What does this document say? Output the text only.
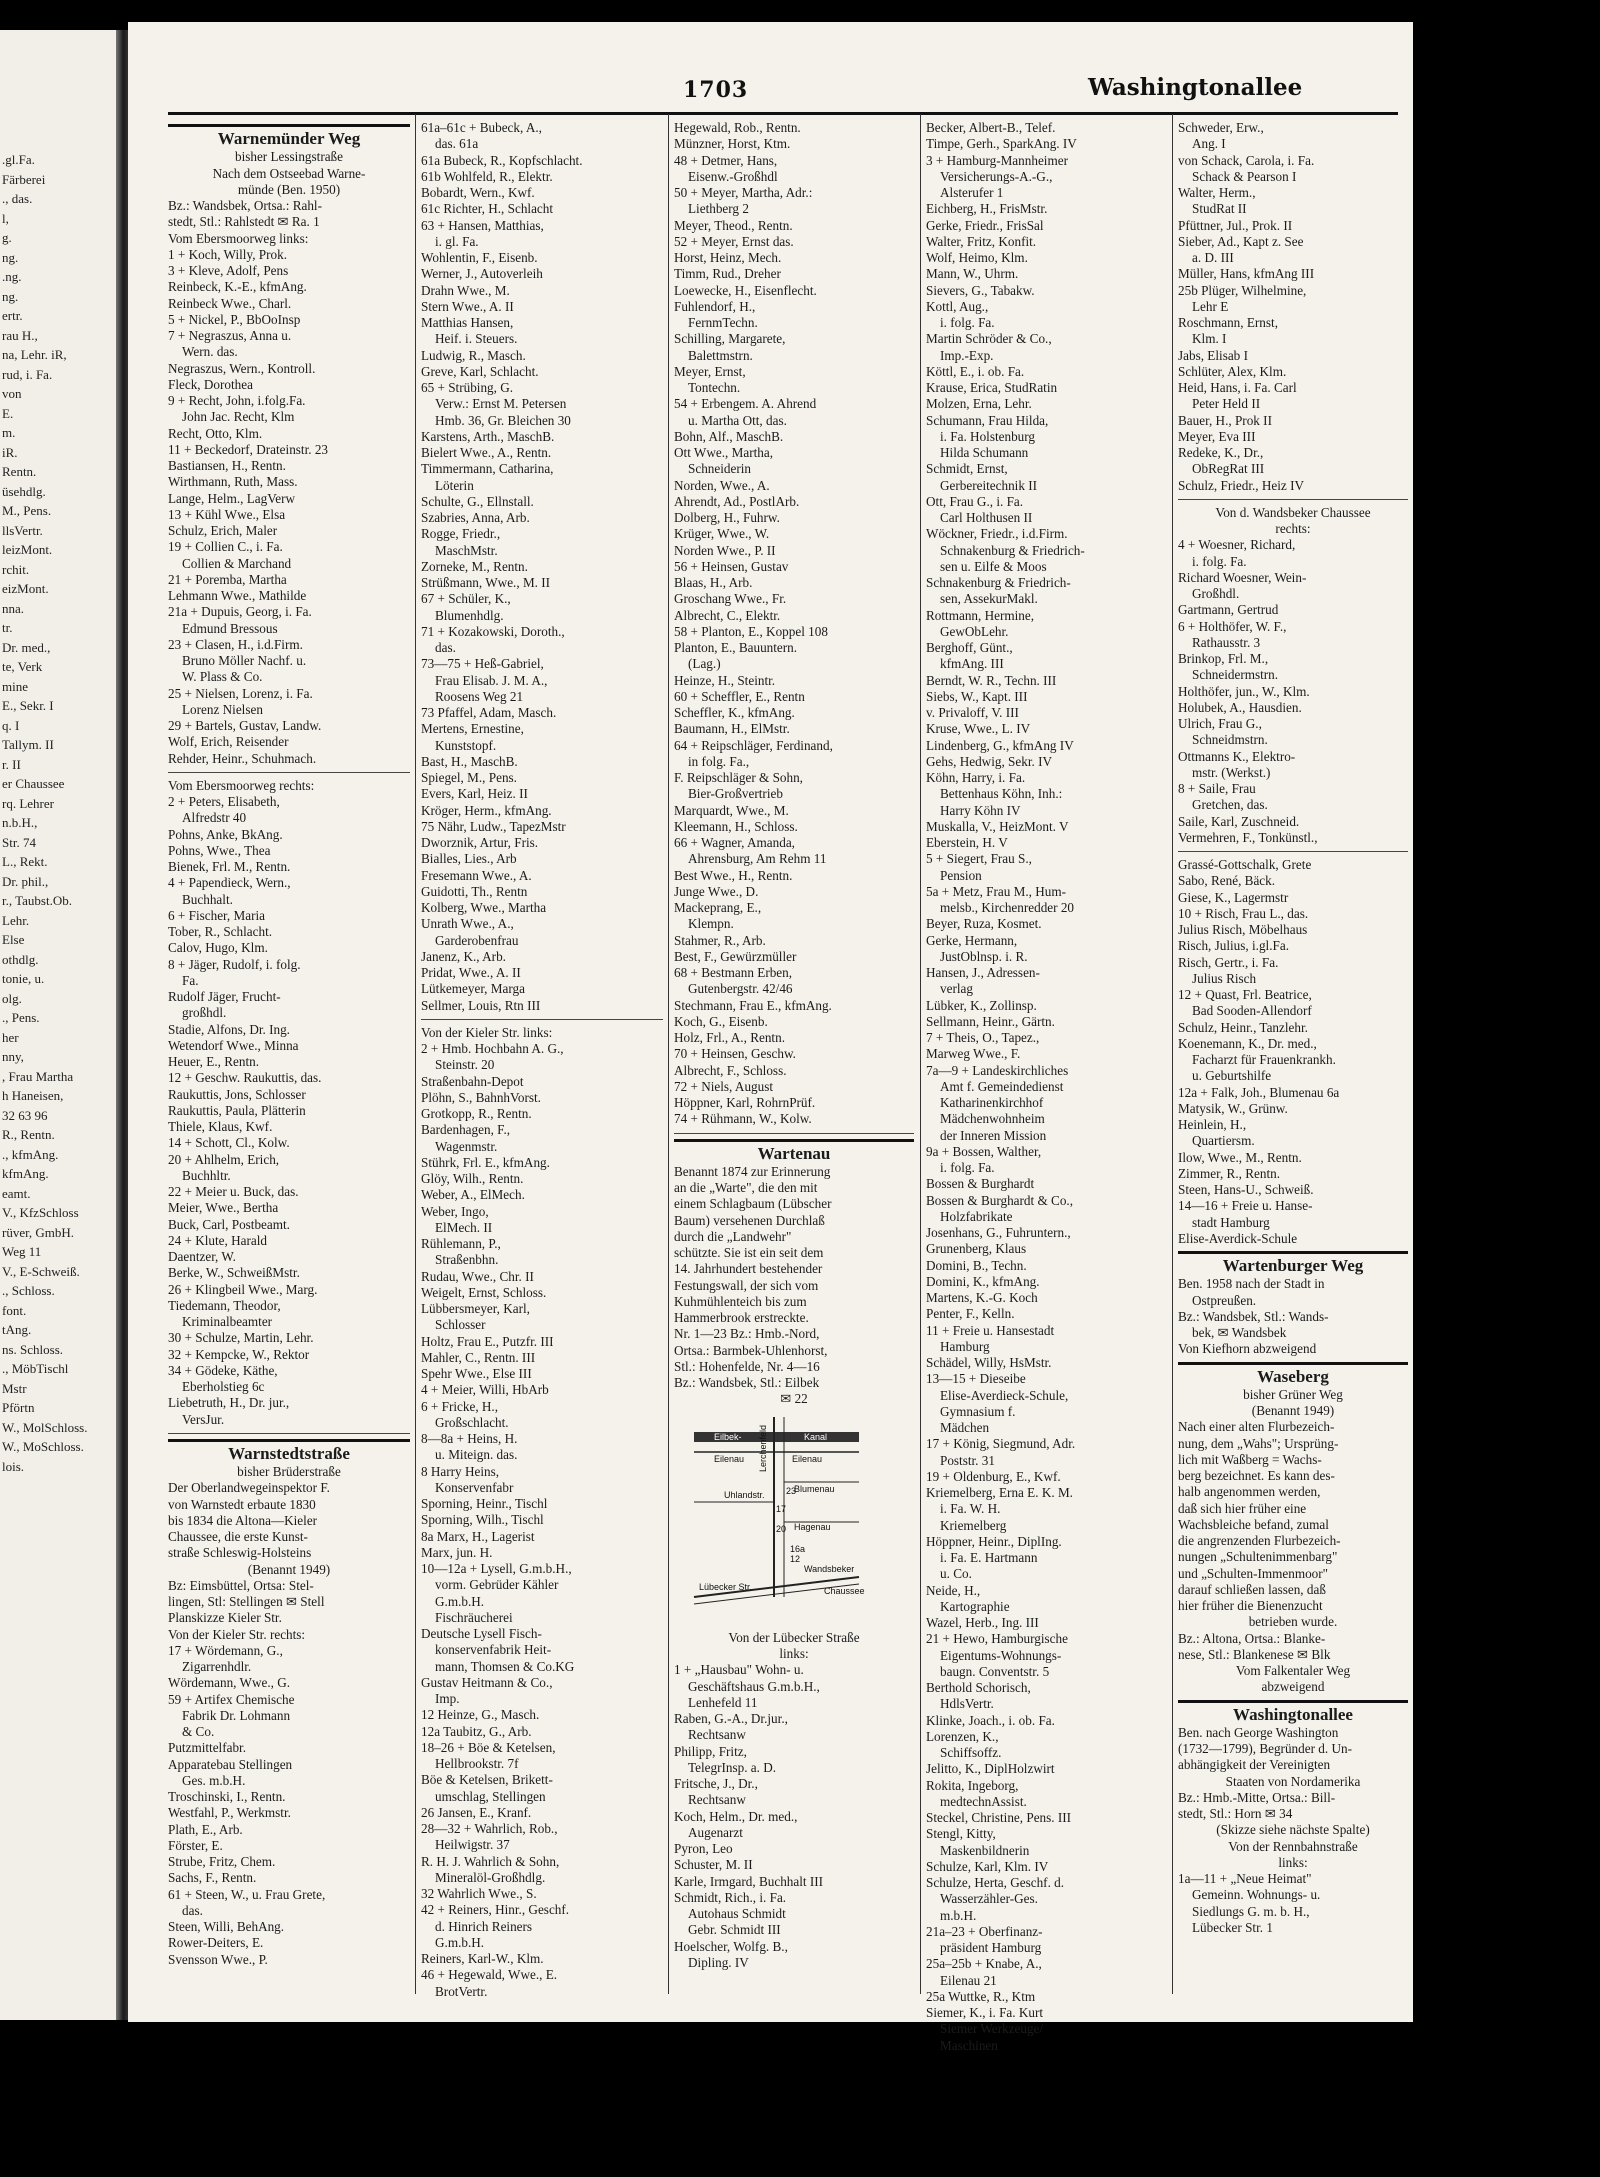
.gl.Fa.
Färberei
., das.
l,
g.
ng.
.ng.
ng.
ertr.
rau H.,
na, Lehr. iR,
rud, i. Fa.
von
E.
m.
iR.
Rentn.
üsehdlg.
M., Pens.
llsVertr.
leizMont.
rchit.
eizMont.
nna.
tr.
Dr. med.,
te, Verk
mine
E., Sekr. I
q. I
Tallym. II
r. II
er Chaussee
rq. Lehrer
n.b.H.,
Str. 74
L., Rekt.
Dr. phil.,
r., Taubst.Ob.
Lehr.
Else
othdlg.
tonie, u.
olg.
., Pens.
her
nny,
, Frau Martha
h Haneisen,
32 63 96
R., Rentn.
., kfmAng.
kfmAng.
eamt.
V., KfzSchloss
rüver, GmbH.
Weg 11
V., E-Schweiß.
., Schloss.
font.
tAng.
ns. Schloss.
., MöbTischl
Mstr
Pförtn
W., MolSchloss.
W., MoSchloss.
lois.
1703	Washingtonallee
Warnemünder Weg
bisher Lessingstraße
Nach dem Ostseebad Warne-
münde (Ben. 1950)
Bz.: Wandsbek, Ortsa.: Rahl-
stedt, Stl.: Rahlstedt ✉ Ra. 1
Vom Ebersmoorweg links:
1 + Koch, Willy, Prok.
3 + Kleve, Adolf, Pens
Reinbeck, K.-E., kfmAng.
Reinbeck Wwe., Charl.
5 + Nickel, P., BbOoInsp
7 + Negraszus, Anna u.
Wern. das.
Negraszus, Wern., Kontroll.
Fleck, Dorothea
9 + Recht, John, i.folg.Fa.
John Jac. Recht, Klm
Recht, Otto, Klm.
11 + Beckedorf, Drateinstr. 23
Bastiansen, H., Rentn.
Wirthmann, Ruth, Mass.
Lange, Helm., LagVerw
13 + Kühl Wwe., Elsa
Schulz, Erich, Maler
19 + Collien C., i. Fa.
Collien & Marchand
21 + Poremba, Martha
Lehmann Wwe., Mathilde
21a + Dupuis, Georg, i. Fa.
Edmund Bressous
23 + Clasen, H., i.d.Firm.
Bruno Möller Nachf. u.
W. Plass & Co.
25 + Nielsen, Lorenz, i. Fa.
Lorenz Nielsen
29 + Bartels, Gustav, Landw.
Wolf, Erich, Reisender
Rehder, Heinr., Schuhmach.
Vom Ebersmoorweg rechts:
2 + Peters, Elisabeth,
Alfredstr 40
Pohns, Anke, BkAng.
Pohns, Wwe., Thea
Bienek, Frl. M., Rentn.
4 + Papendieck, Wern.,
Buchhalt.
6 + Fischer, Maria
Tober, R., Schlacht.
Calov, Hugo, Klm.
8 + Jäger, Rudolf, i. folg.
Fa.
Rudolf Jäger, Frucht-
großhdl.
Stadie, Alfons, Dr. Ing.
Wetendorf Wwe., Minna
Heuer, E., Rentn.
12 + Geschw. Raukuttis, das.
Raukuttis, Jons, Schlosser
Raukuttis, Paula, Plätterin
Thiele, Klaus, Kwf.
14 + Schott, Cl., Kolw.
20 + Ahlhelm, Erich,
Buchhltr.
22 + Meier u. Buck, das.
Meier, Wwe., Bertha
Buck, Carl, Postbeamt.
24 + Klute, Harald
Daentzer, W.
Berke, W., SchweißMstr.
26 + Klingbeil Wwe., Marg.
Tiedemann, Theodor,
Kriminalbeamter
30 + Schulze, Martin, Lehr.
32 + Kempcke, W., Rektor
34 + Gödeke, Käthe,
Eberholstieg 6c
Liebetruth, H., Dr. jur.,
VersJur.
Warnstedtstraße
bisher Brüderstraße
Der Oberlandwegeinspektor F.
von Warnstedt erbaute 1830
bis 1834 die Altona—Kieler
Chaussee, die erste Kunst-
straße Schleswig-Holsteins
(Benannt 1949)
Bz: Eimsbüttel, Ortsa: Stel-
lingen, Stl: Stellingen ✉ Stell
Planskizze Kieler Str.
Von der Kieler Str. rechts:
17 + Wördemann, G.,
Zigarrenhdlr.
Wördemann, Wwe., G.
59 + Artifex Chemische
Fabrik Dr. Lohmann
& Co.
Putzmittelfabr.
Apparatebau Stellingen
Ges. m.b.H.
Troschinski, I., Rentn.
Westfahl, P., Werkmstr.
Plath, E., Arb.
Förster, E.
Strube, Fritz, Chem.
Sachs, F., Rentn.
61 + Steen, W., u. Frau Grete,
das.
Steen, Willi, BehAng.
Rower-Deiters, E.
Svensson Wwe., P.
61a–61c + Bubeck, A.,
das. 61a
61a Bubeck, R., Kopfschlacht.
61b Wohlfeld, R., Elektr.
Bobardt, Wern., Kwf.
61c Richter, H., Schlacht
63 + Hansen, Matthias,
i. gl. Fa.
Wohlentin, F., Eisenb.
Werner, J., Autoverleih
Drahn Wwe., M.
Stern Wwe., A. II
Matthias Hansen,
Heif. i. Steuers.
Ludwig, R., Masch.
Greve, Karl, Schlacht.
65 + Strübing, G.
Verw.: Ernst M. Petersen
Hmb. 36, Gr. Bleichen 30
Karstens, Arth., MaschB.
Bielert Wwe., A., Rentn.
Timmermann, Catharina,
Löterin
Schulte, G., Ellnstall.
Szabries, Anna, Arb.
Rogge, Friedr.,
MaschMstr.
Zorneke, M., Rentn.
Strüßmann, Wwe., M. II
67 + Schüler, K.,
Blumenhdlg.
71 + Kozakowski, Doroth.,
das.
73—75 + Heß-Gabriel,
Frau Elisab. J. M. A.,
Roosens Weg 21
73 Pfaffel, Adam, Masch.
Mertens, Ernestine,
Kunststopf.
Bast, H., MaschB.
Spiegel, M., Pens.
Evers, Karl, Heiz. II
Kröger, Herm., kfmAng.
75 Nähr, Ludw., TapezMstr
Dworznik, Artur, Fris.
Bialles, Lies., Arb
Fresemann Wwe., A.
Guidotti, Th., Rentn
Kolberg, Wwe., Martha
Unrath Wwe., A.,
Garderobenfrau
Janenz, K., Arb.
Pridat, Wwe., A. II
Lütkemeyer, Marga
Sellmer, Louis, Rtn III
Von der Kieler Str. links:
2 + Hmb. Hochbahn A. G.,
Steinstr. 20
Straßenbahn-Depot
Plöhn, S., BahnhVorst.
Grotkopp, R., Rentn.
Bardenhagen, F.,
Wagenmstr.
Stührk, Frl. E., kfmAng.
Glöy, Wilh., Rentn.
Weber, A., ElMech.
Weber, Ingo,
ElMech. II
Rühlemann, P.,
Straßenbhn.
Rudau, Wwe., Chr. II
Weigelt, Ernst, Schloss.
Lübbersmeyer, Karl,
Schlosser
Holtz, Frau E., Putzfr. III
Mahler, C., Rentn. III
Spehr Wwe., Else III
4 + Meier, Willi, HbArb
6 + Fricke, H.,
Großschlacht.
8—8a + Heins, H.
u. Miteign. das.
8 Harry Heins,
Konservenfabr
Sporning, Heinr., Tischl
Sporning, Wilh., Tischl
8a Marx, H., Lagerist
Marx, jun. H.
10—12a + Lysell, G.m.b.H.,
vorm. Gebrüder Kähler
G.m.b.H.
Fischräucherei
Deutsche Lysell Fisch-
konservenfabrik Heit-
mann, Thomsen & Co.KG
Gustav Heitmann & Co.,
Imp.
12 Heinze, G., Masch.
12a Taubitz, G., Arb.
18–26 + Böe & Ketelsen,
Hellbrookstr. 7f
Böe & Ketelsen, Brikett-
umschlag, Stellingen
26 Jansen, E., Kranf.
28—32 + Wahrlich, Rob.,
Heilwigstr. 37
R. H. J. Wahrlich & Sohn,
Mineralöl-Großhdlg.
32 Wahrlich Wwe., S.
42 + Reiners, Hinr., Geschf.
d. Hinrich Reiners
G.m.b.H.
Reiners, Karl-W., Klm.
46 + Hegewald, Wwe., E.
BrotVertr.
Hegewald, Rob., Rentn.
Münzner, Horst, Ktm.
48 + Detmer, Hans,
Eisenw.-Großhdl
50 + Meyer, Martha, Adr.:
Liethberg 2
Meyer, Theod., Rentn.
52 + Meyer, Ernst das.
Horst, Heinz, Mech.
Timm, Rud., Dreher
Loewecke, H., Eisenflecht.
Fuhlendorf, H.,
FernmTechn.
Schilling, Margarete,
Balettmstrn.
Meyer, Ernst,
Tontechn.
54 + Erbengem. A. Ahrend
u. Martha Ott, das.
Bohn, Alf., MaschB.
Ott Wwe., Martha,
Schneiderin
Norden, Wwe., A.
Ahrendt, Ad., PostlArb.
Dolberg, H., Fuhrw.
Krüger, Wwe., W.
Norden Wwe., P. II
56 + Heinsen, Gustav
Blaas, H., Arb.
Groschang Wwe., Fr.
Albrecht, C., Elektr.
58 + Planton, E., Koppel 108
Planton, E., Bauuntern.
(Lag.)
Heinze, H., Steintr.
60 + Scheffler, E., Rentn
Scheffler, K., kfmAng.
Baumann, H., ElMstr.
64 + Reipschläger, Ferdinand,
in folg. Fa.,
F. Reipschläger & Sohn,
Bier-Großvertrieb
Marquardt, Wwe., M.
Kleemann, H., Schloss.
66 + Wagner, Amanda,
Ahrensburg, Am Rehm 11
Best Wwe., H., Rentn.
Junge Wwe., D.
Mackeprang, E.,
Klempn.
Stahmer, R., Arb.
Best, F., Gewürzmüller
68 + Bestmann Erben,
Gutenbergstr. 42/46
Stechmann, Frau E., kfmAng.
Koch, G., Eisenb.
Holz, Frl., A., Rentn.
70 + Heinsen, Geschw.
Albrecht, F., Schloss.
72 + Niels, August
Höppner, Karl, RohrnPrüf.
74 + Rühmann, W., Kolw.
Wartenau
Benannt 1874 zur Erinnerung
an die „Warte", die den mit
einem Schlagbaum (Lübscher
Baum) versehenen Durchlaß
durch die „Landwehr"
schützte. Sie ist ein seit dem
14. Jahrhundert bestehender
Festungswall, der sich vom
Kuhmühlenteich bis zum
Hammerbrook erstreckte.
Nr. 1—23 Bz.: Hmb.-Nord,
Ortsa.: Barmbek-Uhlenhorst,
Stl.: Hohenfelde, Nr. 4—16
Bz.: Wandsbek, Stl.: Eilbek
✉ 22
Eilbek-	Kanal
Lerchenfeld
Eilenau	Eilenau
23
Uhlandstr.
17
Blumenau
20 Hagenau
16a
12
Wandsbeker
Lübecker Str.	Chaussee
Von der Lübecker Straße
links:
1 + „Hausbau" Wohn- u.
Geschäftshaus G.m.b.H.,
Lenhefeld 11
Raben, G.-A., Dr.jur.,
Rechtsanw
Philipp, Fritz,
TelegrInsp. a. D.
Fritsche, J., Dr.,
Rechtsanw
Koch, Helm., Dr. med.,
Augenarzt
Pyron, Leo
Schuster, M. II
Karle, Irmgard, Buchhalt III
Schmidt, Rich., i. Fa.
Autohaus Schmidt
Gebr. Schmidt III
Hoelscher, Wolfg. B.,
Dipling. IV
Becker, Albert-B., Telef.
Timpe, Gerh., SparkAng. IV
3 + Hamburg-Mannheimer
Versicherungs-A.-G.,
Alsterufer 1
Eichberg, H., FrisMstr.
Gerke, Friedr., FrisSal
Walter, Fritz, Konfit.
Wolf, Heimo, Klm.
Mann, W., Uhrm.
Sievers, G., Tabakw.
Kottl, Aug.,
i. folg. Fa.
Martin Schröder & Co.,
Imp.-Exp.
Köttl, E., i. ob. Fa.
Krause, Erica, StudRatin
Molzen, Erna, Lehr.
Schumann, Frau Hilda,
i. Fa. Holstenburg
Hilda Schumann
Schmidt, Ernst,
Gerbereitechnik II
Ott, Frau G., i. Fa.
Carl Holthusen II
Wöckner, Friedr., i.d.Firm.
Schnakenburg & Friedrich-
sen u. Eilfe & Moos
Schnakenburg & Friedrich-
sen, AssekurMakl.
Rottmann, Hermine,
GewObLehr.
Berghoff, Günt.,
kfmAng. III
Berndt, W. R., Techn. III
Siebs, W., Kapt. III
v. Privaloff, V. III
Kruse, Wwe., L. IV
Lindenberg, G., kfmAng IV
Gehs, Hedwig, Sekr. IV
Köhn, Harry, i. Fa.
Bettenhaus Köhn, Inh.:
Harry Köhn IV
Muskalla, V., HeizMont. V
Eberstein, H. V
5 + Siegert, Frau S.,
Pension
5a + Metz, Frau M., Hum-
melsb., Kirchenredder 20
Beyer, Ruza, Kosmet.
Gerke, Hermann,
JustOblnsp. i. R.
Hansen, J., Adressen-
verlag
Lübker, K., Zollinsp.
Sellmann, Heinr., Gärtn.
7 + Theis, O., Tapez.,
Marweg Wwe., F.
7a—9 + Landeskirchliches
Amt f. Gemeindedienst
Katharinenkirchhof
Mädchenwohnheim
der Inneren Mission
9a + Bossen, Walther,
i. folg. Fa.
Bossen & Burghardt
Bossen & Burghardt & Co.,
Holzfabrikate
Josenhans, G., Fuhruntern.,
Grunenberg, Klaus
Domini, B., Techn.
Domini, K., kfmAng.
Martens, K.-G. Koch
Penter, F., Kelln.
11 + Freie u. Hansestadt
Hamburg
Schädel, Willy, HsMstr.
13—15 + Dieseibe
Elise-Averdieck-Schule,
Gymnasium f.
Mädchen
17 + König, Siegmund, Adr.
Poststr. 31
19 + Oldenburg, E., Kwf.
Kriemelberg, Erna E. K. M.
i. Fa. W. H.
Kriemelberg
Höppner, Heinr., DiplIng.
i. Fa. E. Hartmann
u. Co.
Neide, H.,
Kartographie
Wazel, Herb., Ing. III
21 + Hewo, Hamburgische
Eigentums-Wohnungs-
baugn. Conventstr. 5
Berthold Schorisch,
HdlsVertr.
Klinke, Joach., i. ob. Fa.
Lorenzen, K.,
Schiffsoffz.
Jelitto, K., DiplHolzwirt
Rokita, Ingeborg,
medtechnAssist.
Steckel, Christine, Pens. III
Stengl, Kitty,
Maskenbildnerin
Schulze, Karl, Klm. IV
Schulze, Herta, Geschf. d.
Wasserzähler-Ges.
m.b.H.
21a–23 + Oberfinanz-
präsident Hamburg
25a–25b + Knabe, A.,
Eilenau 21
25a Wuttke, R., Ktm
Siemer, K., i. Fa. Kurt
Siemer Werkzeuge/
Maschinen
Schweder, Erw.,
Ang. I
von Schack, Carola, i. Fa.
Schack & Pearson I
Walter, Herm.,
StudRat II
Pfüttner, Jul., Prok. II
Sieber, Ad., Kapt z. See
a. D. III
Müller, Hans, kfmAng III
25b Plüger, Wilhelmine,
Lehr E
Roschmann, Ernst,
Klm. I
Jabs, Elisab I
Schlüter, Alex, Klm.
Heid, Hans, i. Fa. Carl
Peter Held II
Bauer, H., Prok II
Meyer, Eva III
Redeke, K., Dr.,
ObRegRat III
Schulz, Friedr., Heiz IV
Von d. Wandsbeker Chaussee
rechts:
4 + Woesner, Richard,
i. folg. Fa.
Richard Woesner, Wein-
Großhdl.
Gartmann, Gertrud
6 + Holthöfer, W. F.,
Rathausstr. 3
Brinkop, Frl. M.,
Schneidermstrn.
Holthöfer, jun., W., Klm.
Holubek, A., Hausdien.
Ulrich, Frau G.,
Schneidmstrn.
Ottmanns K., Elektro-
mstr. (Werkst.)
8 + Saile, Frau
Gretchen, das.
Saile, Karl, Zuschneid.
Vermehren, F., Tonkünstl.,
Grassé-Gottschalk, Grete
Sabo, René, Bäck.
Giese, K., Lagermstr
10 + Risch, Frau L., das.
Julius Risch, Möbelhaus
Risch, Julius, i.gl.Fa.
Risch, Gertr., i. Fa.
Julius Risch
12 + Quast, Frl. Beatrice,
Bad Sooden-Allendorf
Schulz, Heinr., Tanzlehr.
Koenemann, K., Dr. med.,
Facharzt für Frauenkrankh.
u. Geburtshilfe
12a + Falk, Joh., Blumenau 6a
Matysik, W., Grünw.
Heinlein, H.,
Quartiersm.
Ilow, Wwe., M., Rentn.
Zimmer, R., Rentn.
Steen, Hans-U., Schweiß.
14—16 + Freie u. Hanse-
stadt Hamburg
Elise-Averdick-Schule
Wartenburger Weg
Ben. 1958 nach der Stadt in
Ostpreußen.
Bz.: Wandsbek, Stl.: Wands-
bek, ✉ Wandsbek
Von Kiefhorn abzweigend
Waseberg
bisher Grüner Weg
(Benannt 1949)
Nach einer alten Flurbezeich-
nung, dem „Wahs"; Ursprüng-
lich mit Waßberg = Wachs-
berg bezeichnet. Es kann des-
halb angenommen werden,
daß sich hier früher eine
Wachsbleiche befand, zumal
die angrenzenden Flurbezeich-
nungen „Schultenimmenbarg"
und „Schulten-Immenmoor"
darauf schließen lassen, daß
hier früher die Bienenzucht
betrieben wurde.
Bz.: Altona, Ortsa.: Blanke-
nese, Stl.: Blankenese ✉ Blk
Vom Falkentaler Weg
abzweigend
Washingtonallee
Ben. nach George Washington
(1732—1799), Begründer d. Un-
abhängigkeit der Vereinigten
Staaten von Nordamerika
Bz.: Hmb.-Mitte, Ortsa.: Bill-
stedt, Stl.: Horn ✉ 34
(Skizze siehe nächste Spalte)
Von der Rennbahnstraße
links:
1a—11 + „Neue Heimat"
Gemeinn. Wohnungs- u.
Siedlungs G. m. b. H.,
Lübecker Str. 1
